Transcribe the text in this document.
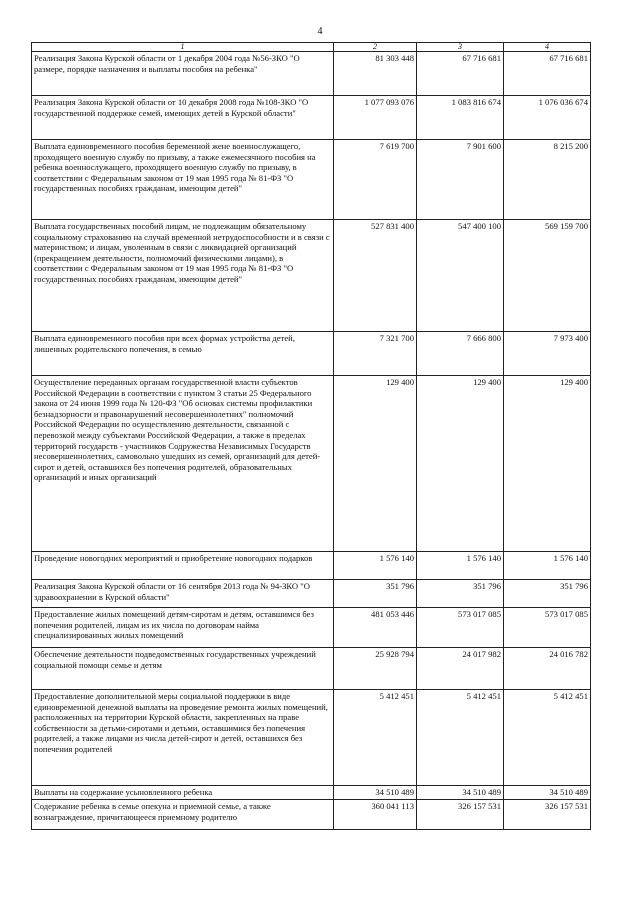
4
1	2	3	4
Реализация Закона Курской области от 1 декабря 2004 года №56-ЗКО "О размере, порядке назначения и выплаты пособия на ребенка"	81 303 448	67 716 681	67 716 681
Реализация Закона Курской области от 10 декабря 2008 года №108-ЗКО "О государственной поддержке семей, имеющих детей в Курской области"	1 077 093 076	1 083 816 674	1 076 036 674
Выплата единовременного пособия беременной жене военнослужащего, проходящего военную службу по призыву, а также ежемесячного пособия на ребенка военнослужащего, проходящего военную службу по призыву, в соответствии с Федеральным законом от 19 мая 1995 года № 81-ФЗ "О государственных пособиях гражданам, имеющим детей"	7 619 700	7 901 600	8 215 200
Выплата государственных пособий лицам, не подлежащим обязательному социальному страхованию на случай временной нетрудоспособности и в связи с материнством; и лицам, уволенным в связи с ликвидацией организаций (прекращением деятельности, полномочий физическими лицами), в соответствии с Федеральным законом от 19 мая 1995 года № 81-ФЗ "О государственных пособиях гражданам, имеющим детей"	527 831 400	547 400 100	569 159 700
Выплата единовременного пособия при всех формах устройства детей, лишенных родительского попечения, в семью	7 321 700	7 666 800	7 973 400
Осуществление переданных органам государственной власти субъектов Российской Федерации в соответствии с пунктом 3 статьи 25 Федерального закона от 24 июня 1999 года № 120-ФЗ "Об основах системы профилактики безнадзорности и правонарушений несовершеннолетних" полномочий Российской Федерации по осуществлению деятельности, связанной с перевозкой между субъектами Российской Федерации, а также в пределах территорий государств - участников Содружества Независимых Государств несовершеннолетних, самовольно ушедших из семей, организаций для детей-сирот и детей, оставшихся без попечения родителей, образовательных организаций и иных организаций	129 400	129 400	129 400
Проведение новогодних мероприятий и приобретение новогодних подарков	1 576 140	1 576 140	1 576 140
Реализация Закона Курской области от 16 сентября 2013 года № 94-ЗКО "О здравоохранении в Курской области"	351 796	351 796	351 796
Предоставление жилых помещений детям-сиротам и детям, оставшимся без попечения родителей, лицам из их числа по договорам найма специализированных жилых помещений	481 053 446	573 017 085	573 017 085
Обеспечение деятельности подведомственных государственных учреждений социальной помощи семье и детям	25 928 794	24 017 982	24 016 782
Предоставление дополнительной меры социальной поддержки в виде единовременной денежной выплаты на проведение ремонта жилых помещений, расположенных на территории Курской области, закрепленных на праве собственности за детьми-сиротами и детьми, оставшимися без попечения родителей, а также лицами из числа детей-сирот и детей, оставшихся без попечения родителей	5 412 451	5 412 451	5 412 451
Выплаты на содержание усыновленного ребенка	34 510 489	34 510 489	34 510 489
Содержание ребенка в семье опекуна и приемной семье, а также вознаграждение, причитающееся приемному родителю	360 041 113	326 157 531	326 157 531
